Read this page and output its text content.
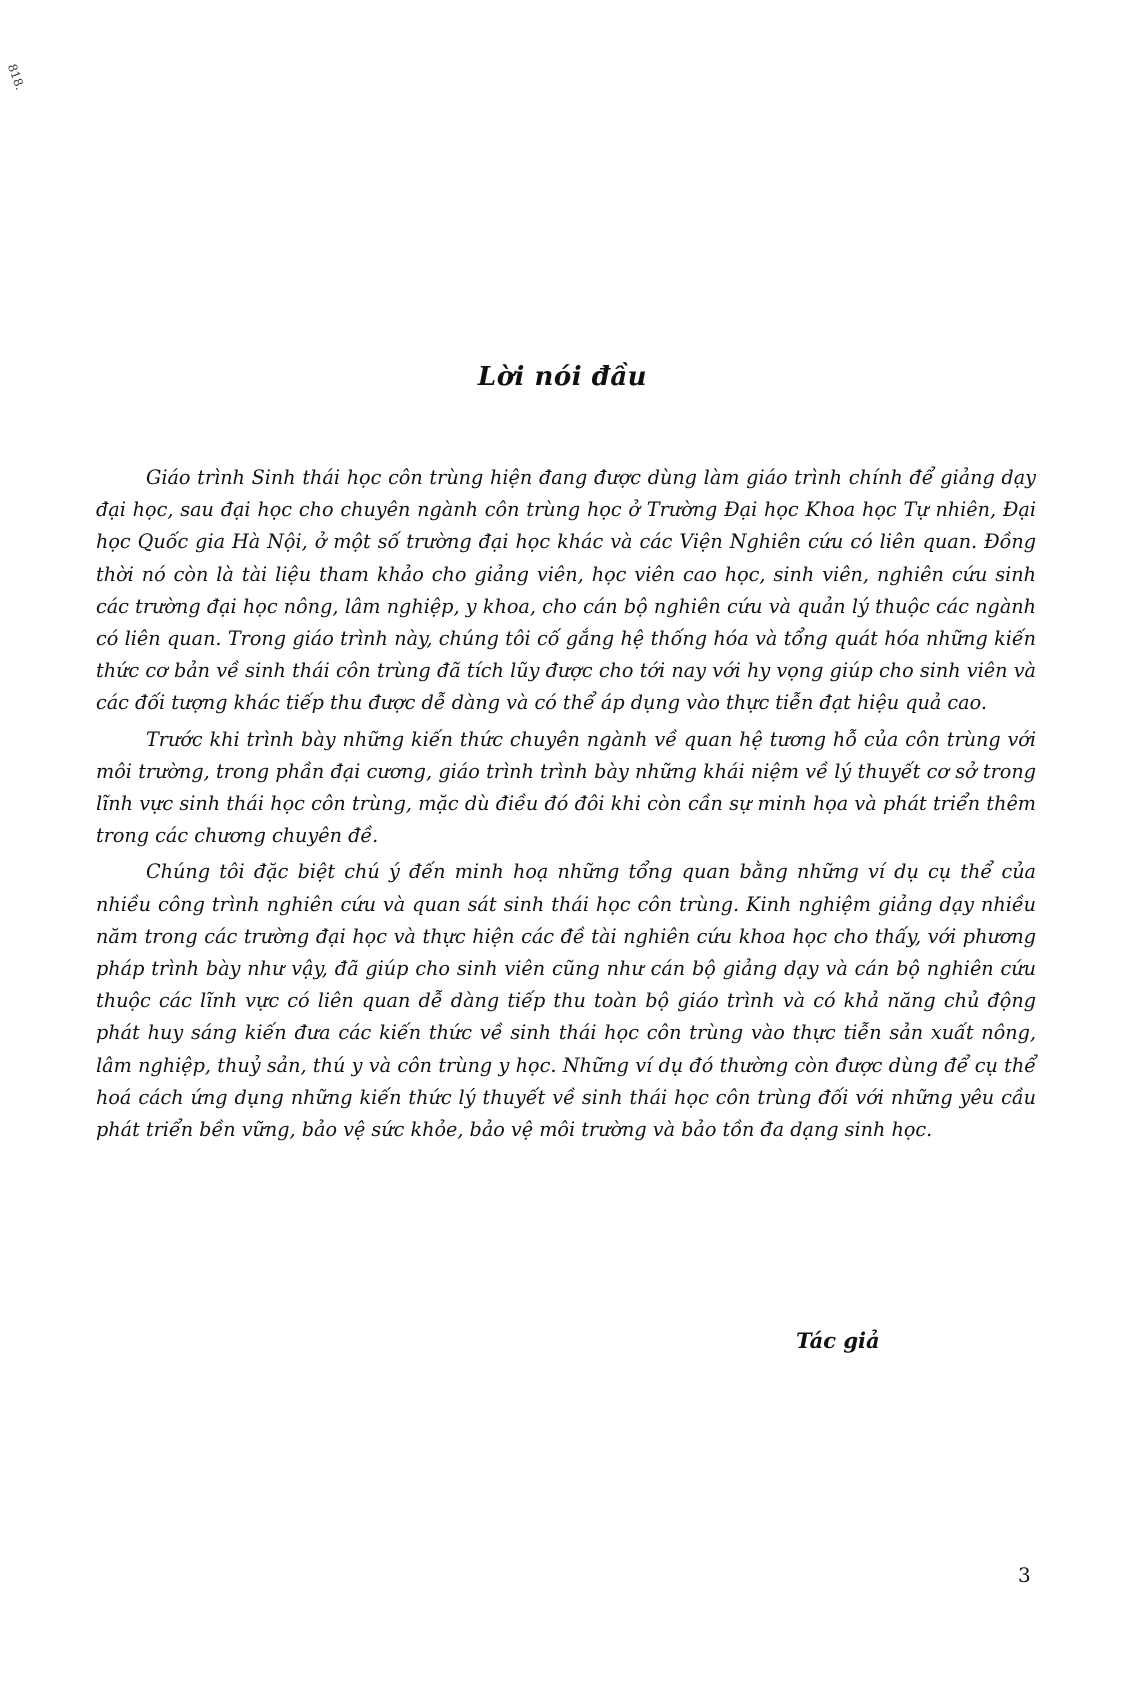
818.
Lời nói đầu

Giáo trình Sinh thái học côn trùng hiện đang được dùng làm giáo trình chính để giảng dạy đại học, sau đại học cho chuyên ngành côn trùng học ở Trường Đại học Khoa học Tự nhiên, Đại học Quốc gia Hà Nội, ở một số trường đại học khác và các Viện Nghiên cứu có liên quan. Đồng thời nó còn là tài liệu tham khảo cho giảng viên, học viên cao học, sinh viên, nghiên cứu sinh các trường đại học nông, lâm nghiệp, y khoa, cho cán bộ nghiên cứu và quản lý thuộc các ngành có liên quan. Trong giáo trình này, chúng tôi cố gắng hệ thống hóa và tổng quát hóa những kiến thức cơ bản về sinh thái côn trùng đã tích lũy được cho tới nay với hy vọng giúp cho sinh viên và các đối tượng khác tiếp thu được dễ dàng và có thể áp dụng vào thực tiễn đạt hiệu quả cao.

Trước khi trình bày những kiến thức chuyên ngành về quan hệ tương hỗ của côn trùng với môi trường, trong phần đại cương, giáo trình trình bày những khái niệm về lý thuyết cơ sở trong lĩnh vực sinh thái học côn trùng, mặc dù điều đó đôi khi còn cần sự minh họa và phát triển thêm trong các chương chuyên đề.

Chúng tôi đặc biệt chú ý đến minh hoạ những tổng quan bằng những ví dụ cụ thể của nhiều công trình nghiên cứu và quan sát sinh thái học côn trùng. Kinh nghiệm giảng dạy nhiều năm trong các trường đại học và thực hiện các đề tài nghiên cứu khoa học cho thấy, với phương pháp trình bày như vậy, đã giúp cho sinh viên cũng như cán bộ giảng dạy và cán bộ nghiên cứu thuộc các lĩnh vực có liên quan dễ dàng tiếp thu toàn bộ giáo trình và có khả năng chủ động phát huy sáng kiến đưa các kiến thức về sinh thái học côn trùng vào thực tiễn sản xuất nông, lâm nghiệp, thuỷ sản, thú y và côn trùng y học. Những ví dụ đó thường còn được dùng để cụ thể hoá cách ứng dụng những kiến thức lý thuyết về sinh thái học côn trùng đối với những yêu cầu phát triển bền vững, bảo vệ sức khỏe, bảo vệ môi trường và bảo tồn đa dạng sinh học.

Tác giả
3
